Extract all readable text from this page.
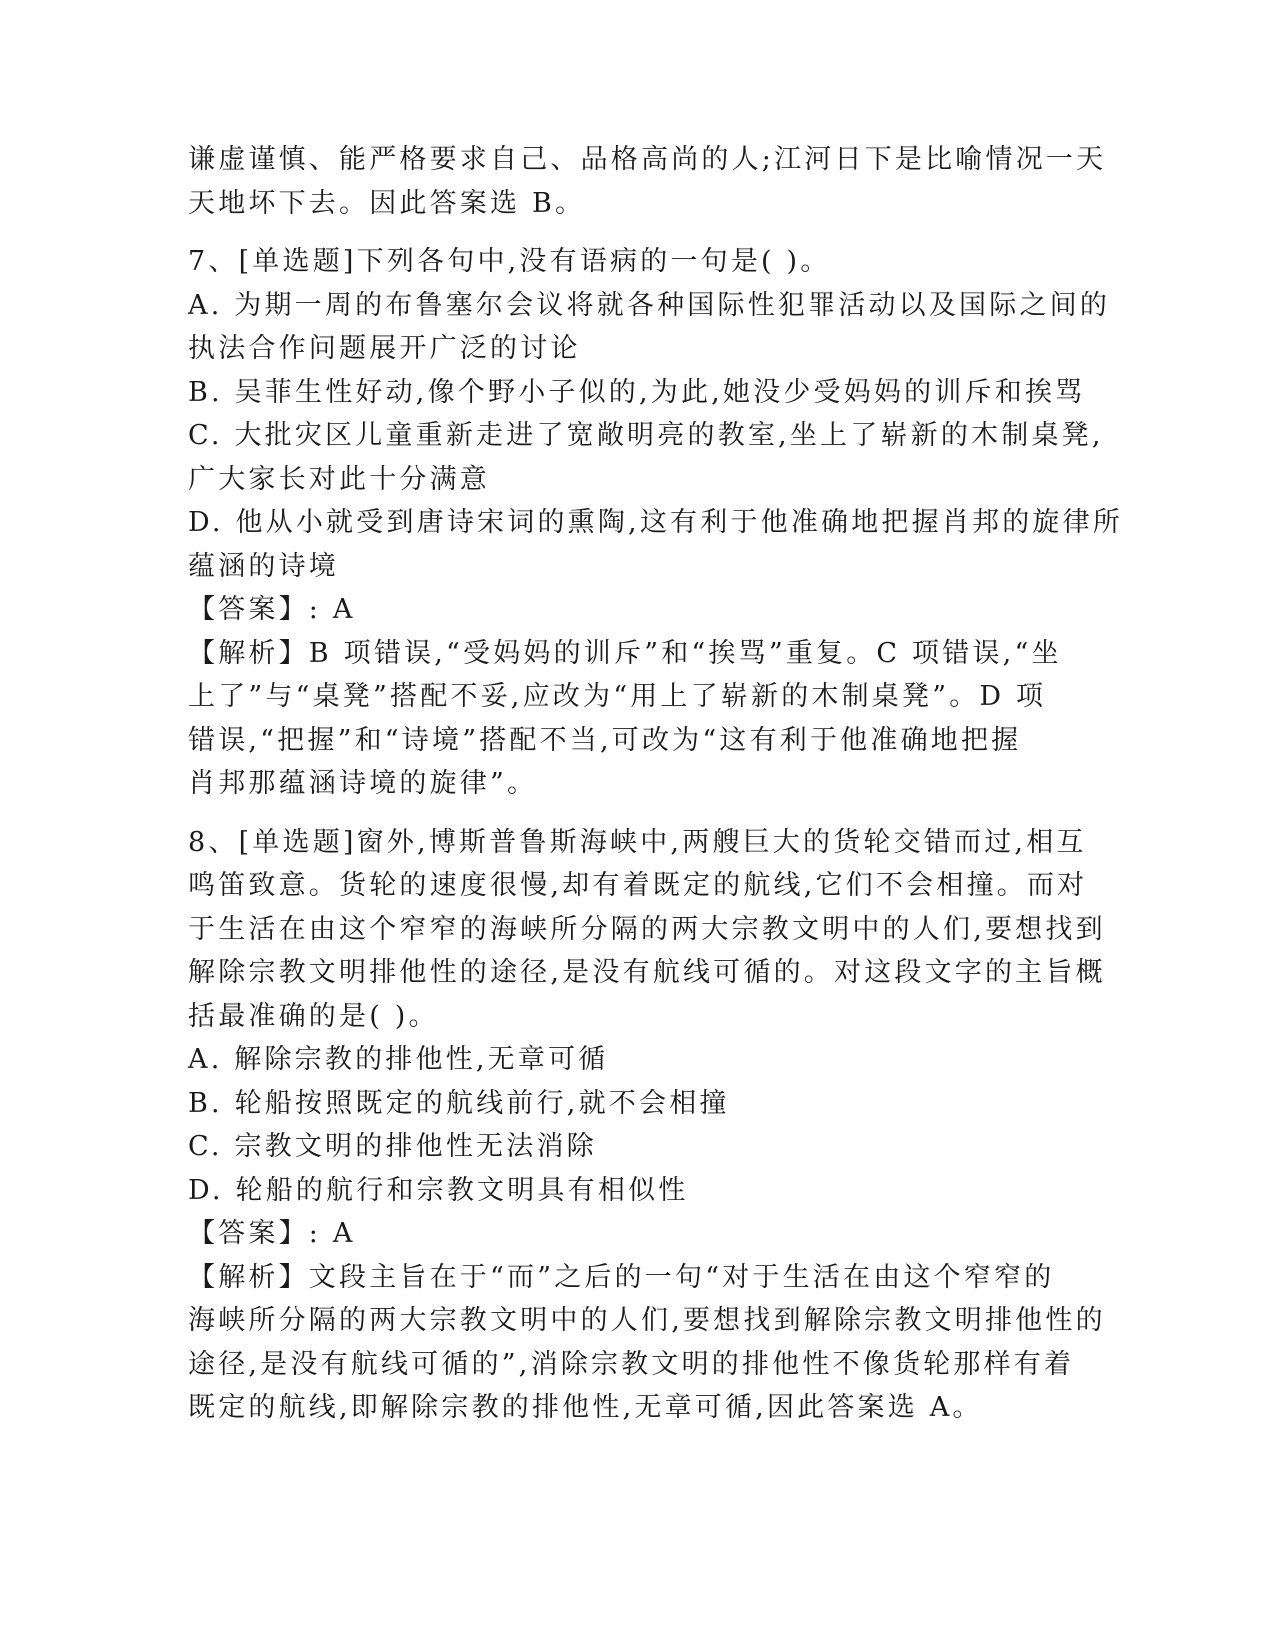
谦虚谨慎、能严格要求自己、品格高尚的人;江河日下是比喻情况一天
天地坏下去。因此答案选 B。
7、[单选题]下列各句中,没有语病的一句是( )。
A. 为期一周的布鲁塞尔会议将就各种国际性犯罪活动以及国际之间的
执法合作问题展开广泛的讨论
B. 吴菲生性好动,像个野小子似的,为此,她没少受妈妈的训斥和挨骂
C. 大批灾区儿童重新走进了宽敞明亮的教室,坐上了崭新的木制桌凳,
广大家长对此十分满意
D. 他从小就受到唐诗宋词的熏陶,这有利于他准确地把握肖邦的旋律所
蕴涵的诗境
【答案】: A
【解析】B 项错误,“受妈妈的训斥”和“挨骂”重复。C 项错误,“坐
上了”与“桌凳”搭配不妥,应改为“用上了崭新的木制桌凳”。D 项
错误,“把握”和“诗境”搭配不当,可改为“这有利于他准确地把握
肖邦那蕴涵诗境的旋律”。
8、[单选题]窗外,博斯普鲁斯海峡中,两艘巨大的货轮交错而过,相互
鸣笛致意。货轮的速度很慢,却有着既定的航线,它们不会相撞。而对
于生活在由这个窄窄的海峡所分隔的两大宗教文明中的人们,要想找到
解除宗教文明排他性的途径,是没有航线可循的。对这段文字的主旨概
括最准确的是( )。
A. 解除宗教的排他性,无章可循
B. 轮船按照既定的航线前行,就不会相撞
C. 宗教文明的排他性无法消除
D. 轮船的航行和宗教文明具有相似性
【答案】: A
【解析】文段主旨在于“而”之后的一句“对于生活在由这个窄窄的
海峡所分隔的两大宗教文明中的人们,要想找到解除宗教文明排他性的
途径,是没有航线可循的”,消除宗教文明的排他性不像货轮那样有着
既定的航线,即解除宗教的排他性,无章可循,因此答案选 A。
